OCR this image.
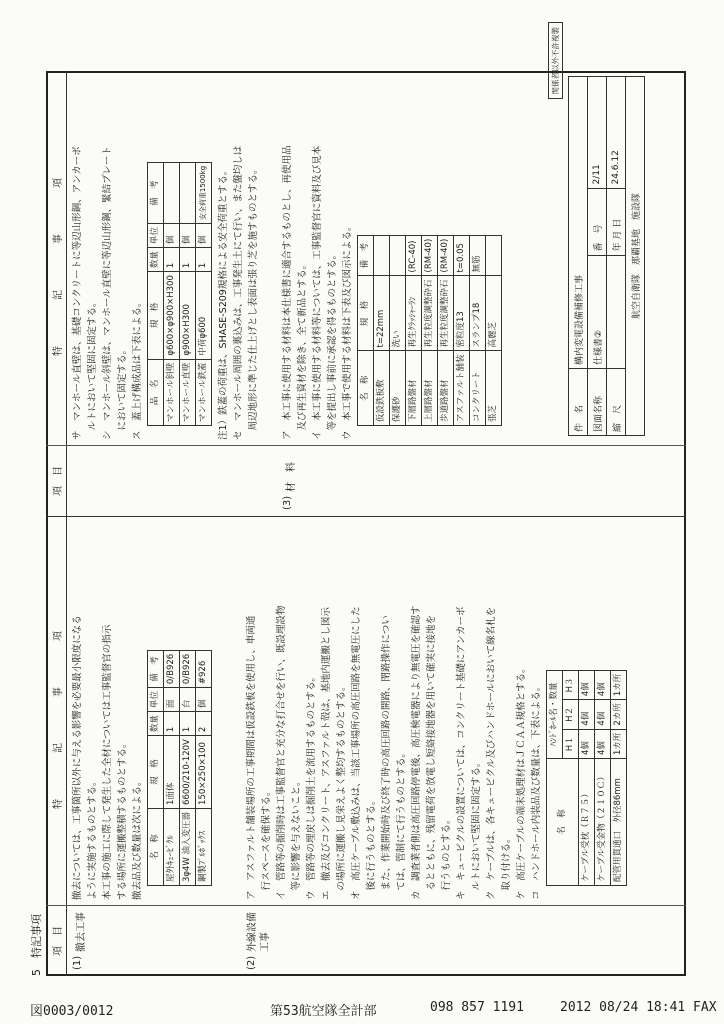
図0003/0012	第53航空隊全計部	098 857 1191	2012 08/24 18:41 FAX
5　特記事項 項　目
特　記　事　項
(1)
撤去工事

撤去については、工事箇所以外に与える影響を必要最小限度になる ように実施するものとする。 本工事の施工に際して発生した全材については工事監督官の指示 する場所に運搬整積するものとする。 撤去品及び数量は次による。 名　称	規　格	数量	単位	備　考
屋外ｷｭｰﾋﾞｸﾙ	1面体	1	面	0/B926
3φ4W 油入変圧器	6600/210-120V	1	台	0/B926
鋼製ﾌﾟﾙﾎﾞｯｸｽ	150×250×100	2	個	#926
(2)
外線設備工事

ア　アスファルト舗装場所の工事期間は仮設鉄板を使用し、車両通 　行スペースを確保する。 イ　管路等の掘削時は工事監督官と充分な打合せを行い、既設埋設物 　等に影響を与えないこと。 ウ　管路等の埋戻しは掘削土を流用するものとする。 エ　撤去及びコンクリート、アスファルト殻は、基地内運搬とし図示 　の場所に運搬し見栄えよく整均するものとする。 オ　高圧ケーブル敷込みは、当該工事場所の高圧回路を無電圧にした 　後に行うものとする。 　また、作業開始時及び終了時の高圧回路の開路、閉路操作につい 　ては、管制にて行うものとする。 カ　調査業者側は高圧回路停電後、高圧検電器により無電圧を確認す 　るとともに、残留電荷を放電し短絡接地器を用いて確実に接地を 　行うものとする。 キ　キュービクルの設置については、コンクリート基礎にアンカーボ 　ルトにおいて堅固に固定する。 ク　ケーブルは、各キュービクル及びハンドホールにおいて線名札を 　取り付ける。 ケ　高圧ケーブルの端末処理材はＪＣＡＡ規格とする。 コ　ハンドホール内装品及び数量は、下表による。 名　称	ﾊﾝﾄﾞﾎｰﾙ名・数量		
	H１	H２	H３
ケーブル受枕（Ｒ７５）	4個	4個	4個
ケーブル受金物（２１０Ｃ）	4個	4個	4個
配管用貫通口　外径86mm	1カ所	2カ所	1カ所
項　目
特　記　事　項 サ　マンホール直壁は、基礎コンクリートに等辺山形鋼、アンカーボ 　ルトにおいて堅固に固定する。 シ　マンホール斜壁は、マンホール直壁に等辺山形鋼、緊結プレート 　において固定する。 ス　蓋上げ構成品は下表による。 品　名	規　格	数量	単位	備　考
マンホール斜壁	φ600×φ900×H300	1	個	
マンホール直壁	φ900×H300	1	個	
マンホール鉄蓋	中荷φ600	1	個	安全荷重1500kg 注1）鉄蓋の荷重は、SHASE-S209規格による安全荷重とする。 セ　マンホール周囲の裏込みは、工事発生土にて行い、また盤均しは 　周辺地形に準じた仕上げとし表面は張り芝を施すものとする。

(3)
材　料

ア　本工事に使用する材料は本仕様書に適合するものとし、再使用品 　及び再生資材を除き、全て新品とする。 イ　本工事に使用する材料等については、工事監督官に資料及び見本 　等を提出し事前に承認を得るものとする。 ウ　本工事で使用する材料は下表及び図示による。 名　称	規　格	備　考
仮設鉄板敷	t=22mm	
保護砂	洗い	
下層路盤材	再生ｸﾗｯｼｬｰﾗﾝ	(RC-40)
上層路盤材	再生粒度調整砕石	(RM-40)
歩道路盤材	再生粒度調整砕石	(RM-40)
アスファルト舗装	密粒度13	t=0.05
コンクリート	スランプ18	無筋
張芝	高麗芝	
関係者以外不許複製
件　名	構内変電設備補修工事		
図面名称	仕様書②	番　号	2/11
縮　尺		年 月 日	24.6.12
航空自衛隊　那覇基地　施設隊			
